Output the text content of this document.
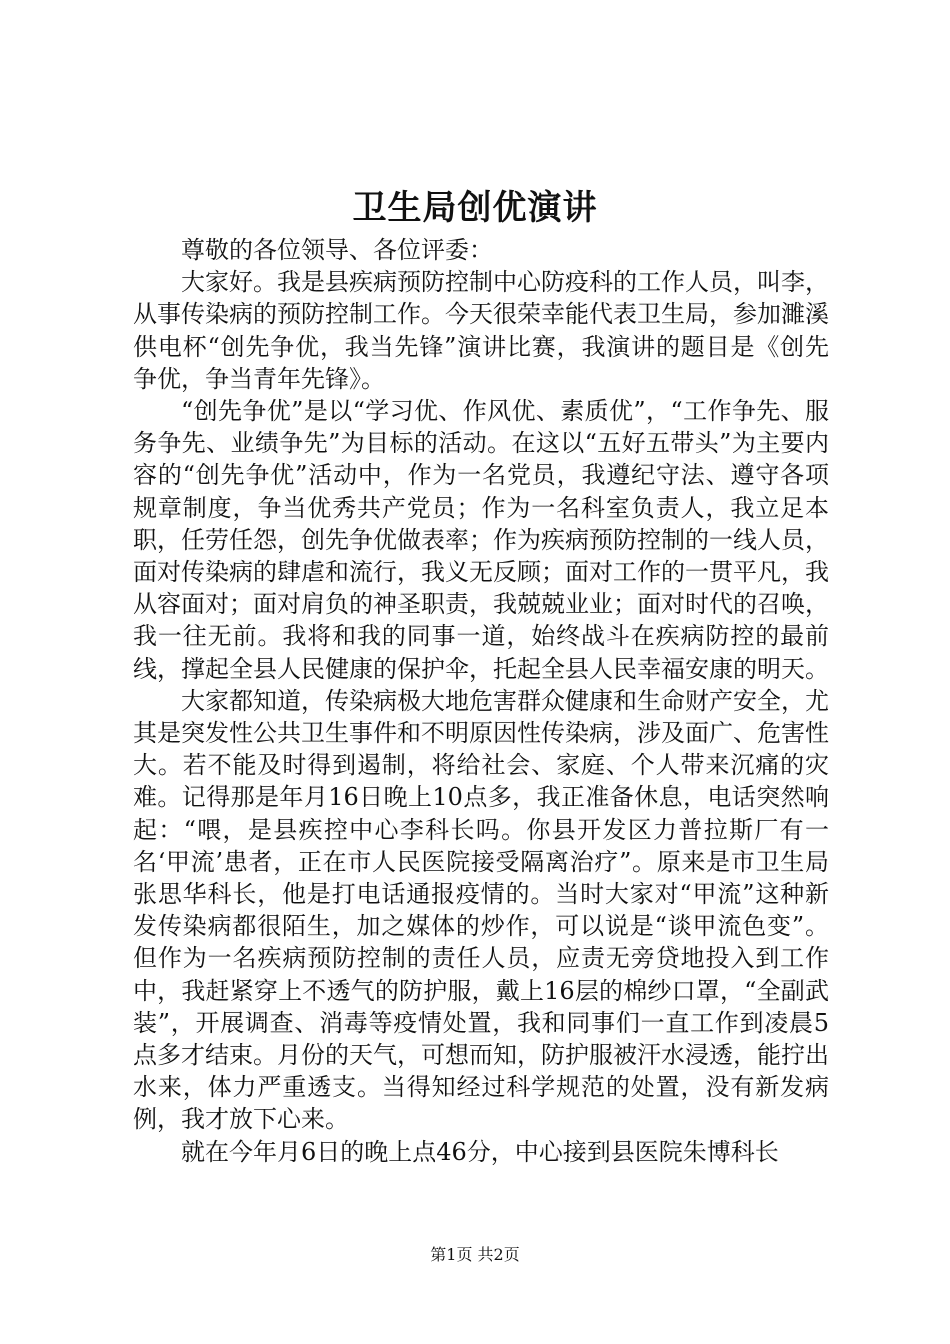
卫生局创优演讲

尊敬的各位领导、各位评委：

大家好。我是县疾病预防控制中心防疫科的工作人员，叫李，从事传染病的预防控制工作。今天很荣幸能代表卫生局，参加濉溪供电杯“创先争优，我当先锋”演讲比赛，我演讲的题目是《创先争优，争当青年先锋》。

“创先争优”是以“学习优、作风优、素质优”，“工作争先、服务争先、业绩争先”为目标的活动。在这以“五好五带头”为主要内容的“创先争优”活动中，作为一名党员，我遵纪守法、遵守各项规章制度，争当优秀共产党员；作为一名科室负责人，我立足本职，任劳任怨，创先争优做表率；作为疾病预防控制的一线人员，面对传染病的肆虐和流行，我义无反顾；面对工作的一贯平凡，我从容面对；面对肩负的神圣职责，我兢兢业业；面对时代的召唤，我一往无前。我将和我的同事一道，始终战斗在疾病防控的最前线，撑起全县人民健康的保护伞，托起全县人民幸福安康的明天。

大家都知道，传染病极大地危害群众健康和生命财产安全，尤其是突发性公共卫生事件和不明原因性传染病，涉及面广、危害性大。若不能及时得到遏制，将给社会、家庭、个人带来沉痛的灾难。记得那是年月16日晚上10点多，我正准备休息，电话突然响起：“喂，是县疾控中心李科长吗。你县开发区力普拉斯厂有一名‘甲流’患者，正在市人民医院接受隔离治疗”。原来是市卫生局张思华科长，他是打电话通报疫情的。当时大家对“甲流”这种新发传染病都很陌生，加之媒体的炒作，可以说是“谈甲流色变”。但作为一名疾病预防控制的责任人员，应责无旁贷地投入到工作中，我赶紧穿上不透气的防护服，戴上16层的棉纱口罩，“全副武装”，开展调查、消毒等疫情处置，我和同事们一直工作到凌晨5点多才结束。月份的天气，可想而知，防护服被汗水浸透，能拧出水来，体力严重透支。当得知经过科学规范的处置，没有新发病例，我才放下心来。

就在今年月6日的晚上点46分，中心接到县医院朱博科长

第1页 共2页
